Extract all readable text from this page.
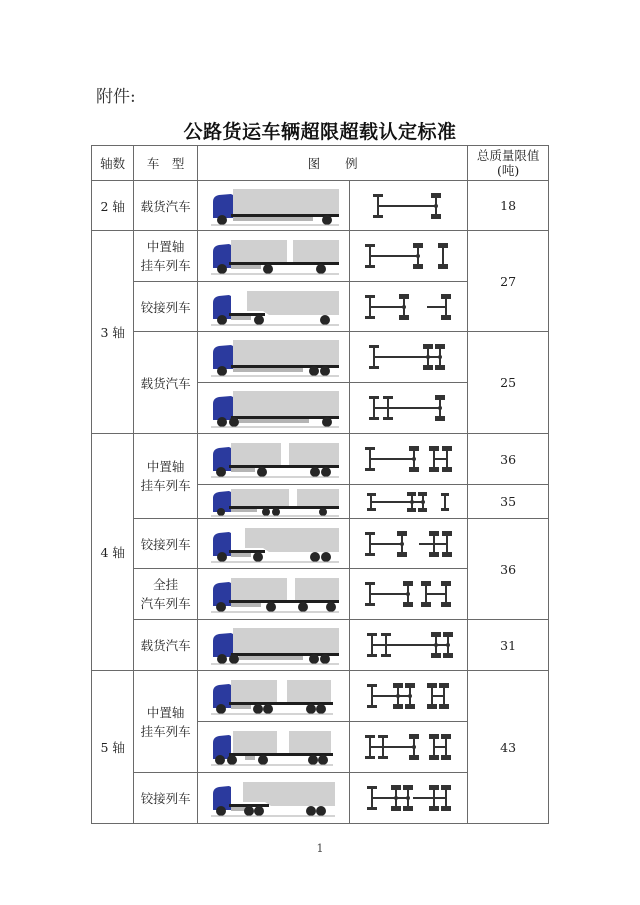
附件:
公路货运车辆超限超载认定标准
轴数	车　型	图　　例		总质量限值
(吨)

2 轴	载货汽车			18
3 轴	中置轴
挂车列车			27
	铰接列车	

	载货汽车			25

4 轴	中置轴
挂车列车			36

	35
	铰接列车			36

	全挂
汽车列车

	载货汽车			31
5 轴	中置轴
挂车列车			43

	铰接列车	

1
